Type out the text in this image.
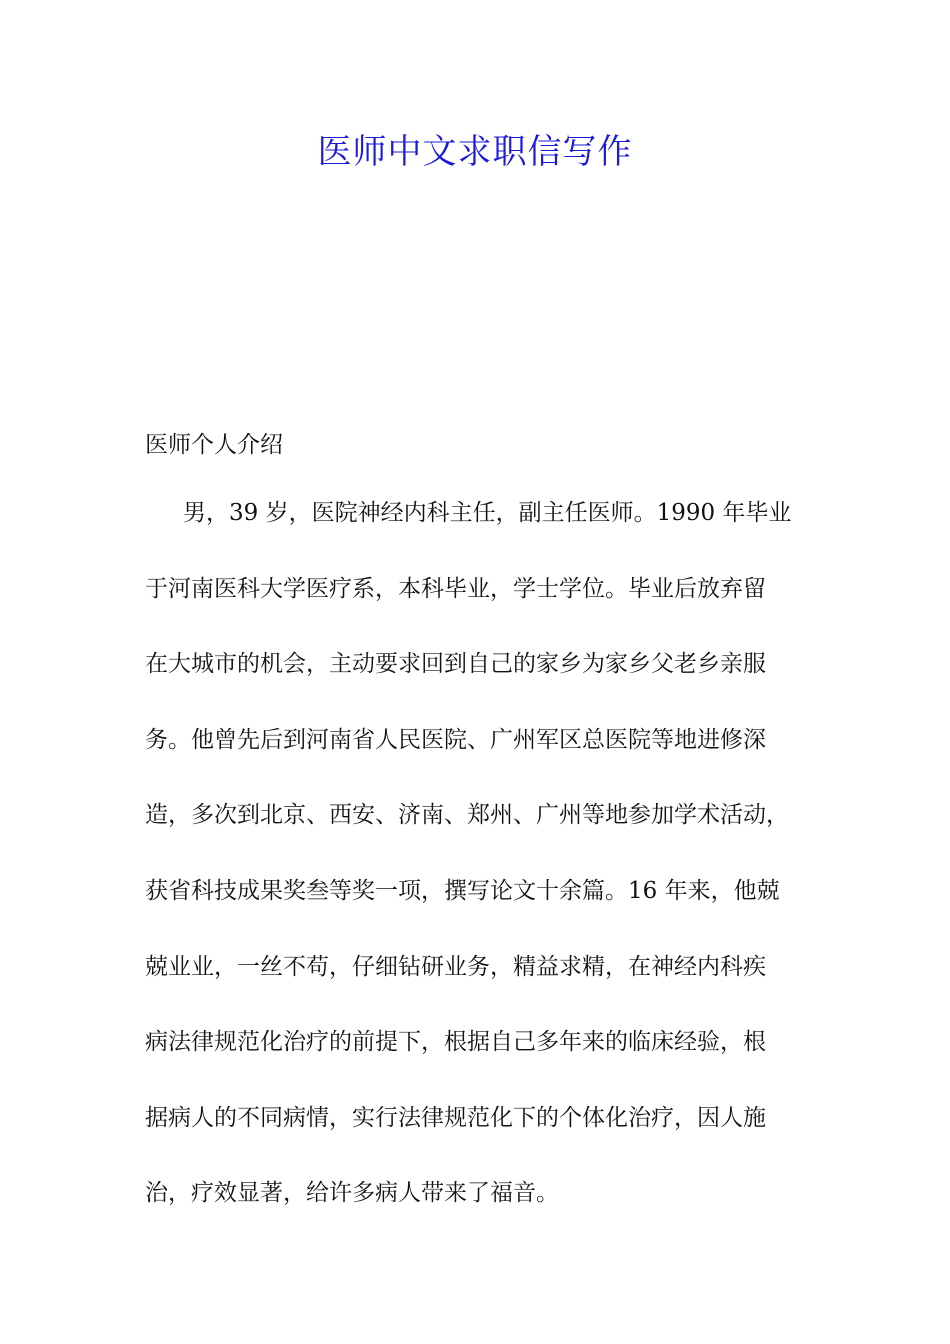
医师中文求职信写作
医师个人介绍
男，39 岁，医院神经内科主任，副主任医师。1990 年毕业
于河南医科大学医疗系，本科毕业，学士学位。毕业后放弃留
在大城市的机会，主动要求回到自己的家乡为家乡父老乡亲服
务。他曾先后到河南省人民医院、广州军区总医院等地进修深
造，多次到北京、西安、济南、郑州、广州等地参加学术活动，
获省科技成果奖叁等奖一项，撰写论文十余篇。16 年来，他兢
兢业业，一丝不苟，仔细钻研业务，精益求精，在神经内科疾
病法律规范化治疗的前提下，根据自己多年来的临床经验，根
据病人的不同病情，实行法律规范化下的个体化治疗，因人施
治，疗效显著，给许多病人带来了福音。
